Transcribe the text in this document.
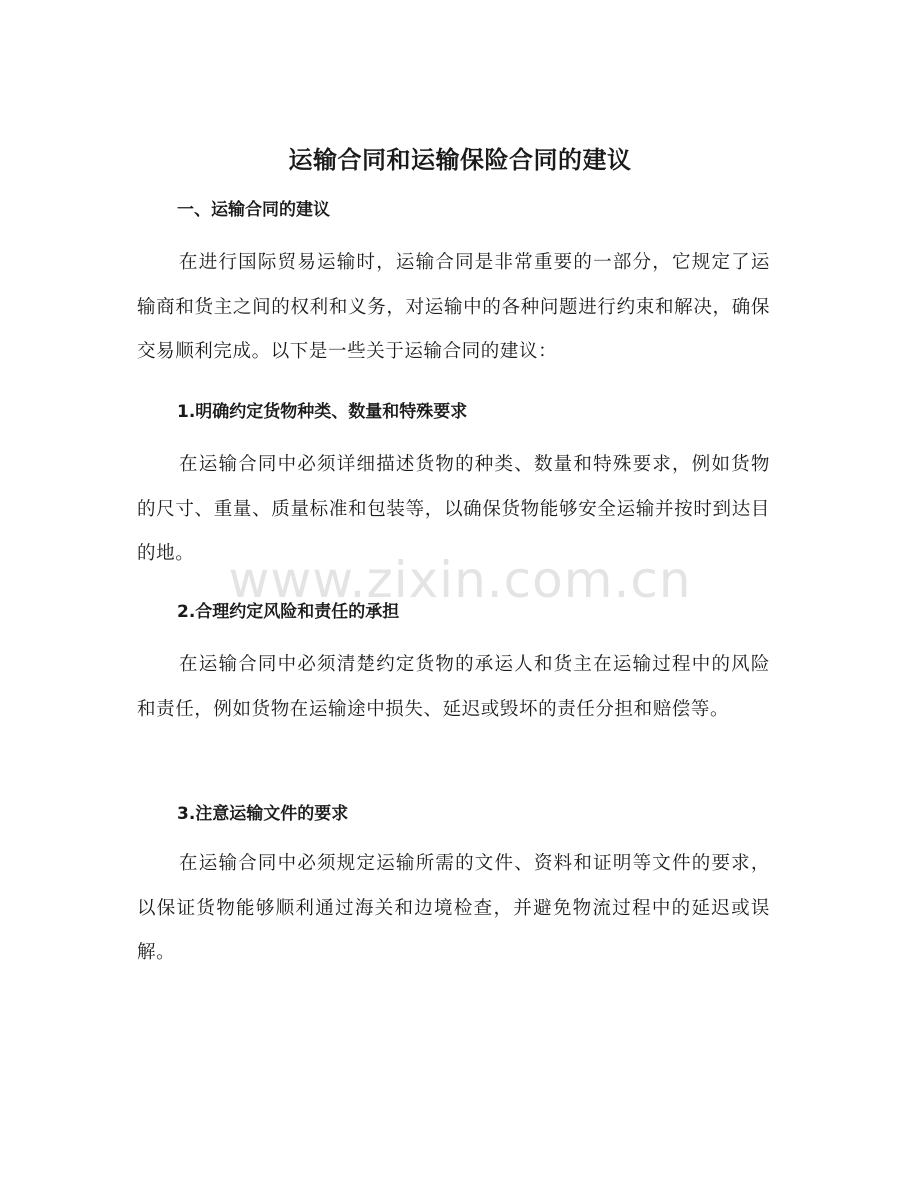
运输合同和运输保险合同的建议
一、运输合同的建议

在进行国际贸易运输时，运输合同是非常重要的一部分，它规定了运输商和货主之间的权利和义务，对运输中的各种问题进行约束和解决，确保交易顺利完成。以下是一些关于运输合同的建议：

1.明确约定货物种类、数量和特殊要求

在运输合同中必须详细描述货物的种类、数量和特殊要求，例如货物的尺寸、重量、质量标准和包装等，以确保货物能够安全运输并按时到达目的地。

2.合理约定风险和责任的承担

在运输合同中必须清楚约定货物的承运人和货主在运输过程中的风险和责任，例如货物在运输途中损失、延迟或毁坏的责任分担和赔偿等。

3.注意运输文件的要求

在运输合同中必须规定运输所需的文件、资料和证明等文件的要求，以保证货物能够顺利通过海关和边境检查，并避免物流过程中的延迟或误解。

www.zixin.com.cn
